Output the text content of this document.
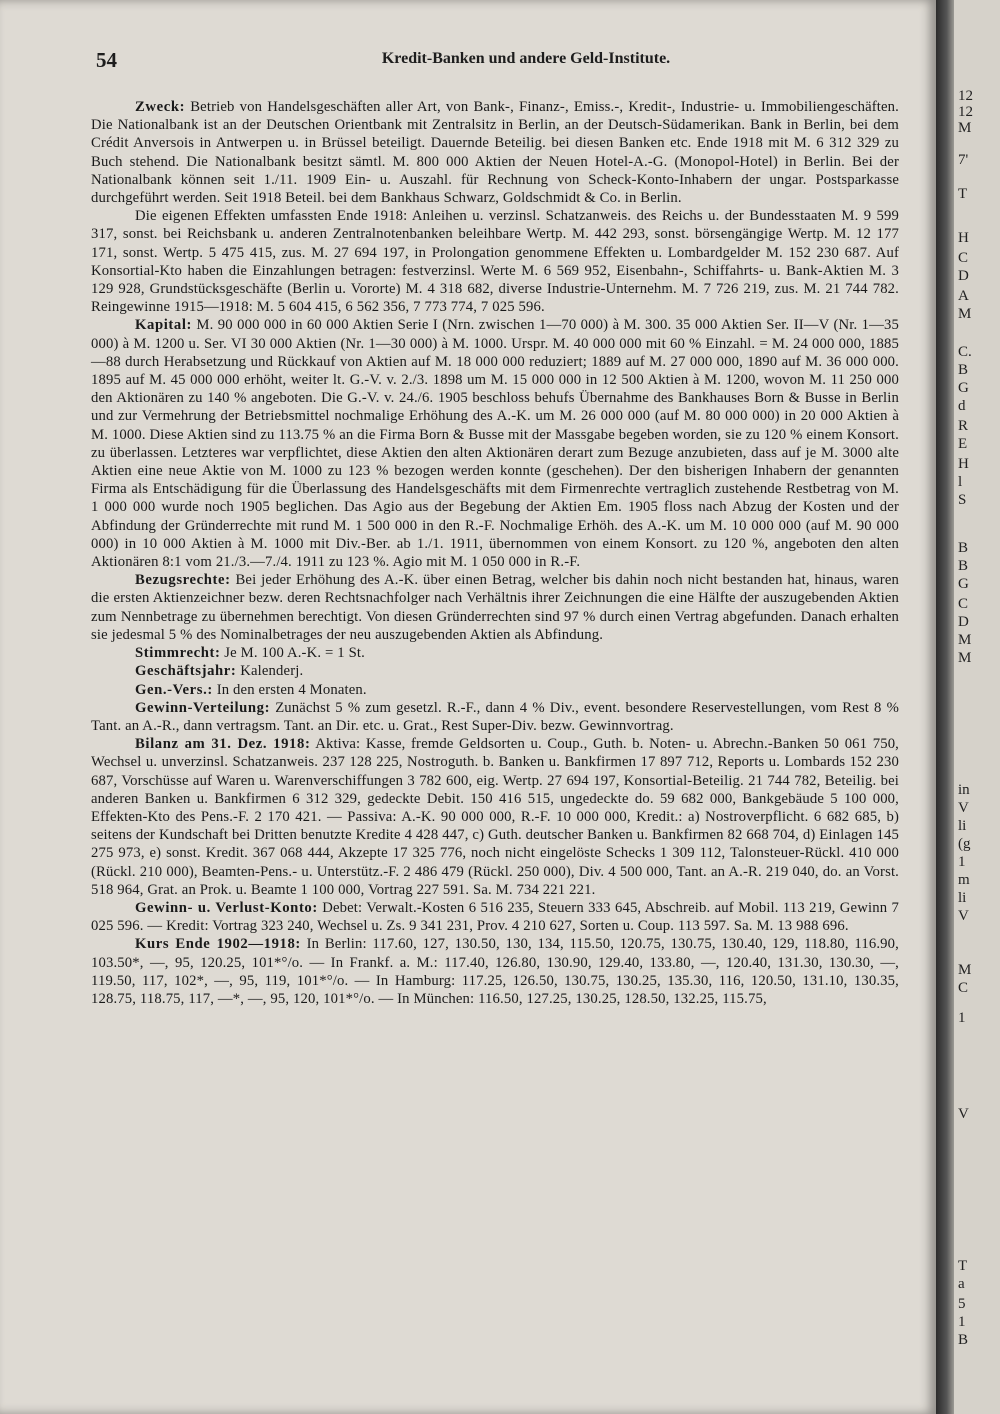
54	Kredit-Banken und andere Geld-Institute.

Zweck: Betrieb von Handelsgeschäften aller Art, von Bank-, Finanz-, Emiss.-, Kredit-, Industrie- u. Immobiliengeschäften. Die Nationalbank ist an der Deutschen Orientbank mit Zentralsitz in Berlin, an der Deutsch-Südamerikan. Bank in Berlin, bei dem Crédit Anversois in Antwerpen u. in Brüssel beteiligt. Dauernde Beteilig. bei diesen Banken etc. Ende 1918 mit M. 6 312 329 zu Buch stehend. Die Nationalbank besitzt sämtl. M. 800 000 Aktien der Neuen Hotel-A.-G. (Monopol-Hotel) in Berlin. Bei der Nationalbank können seit 1./11. 1909 Ein- u. Auszahl. für Rechnung von Scheck-Konto-Inhabern der ungar. Postsparkasse durchgeführt werden. Seit 1918 Beteil. bei dem Bankhaus Schwarz, Goldschmidt & Co. in Berlin.

Die eigenen Effekten umfassten Ende 1918: Anleihen u. verzinsl. Schatzanweis. des Reichs u. der Bundesstaaten M. 9 599 317, sonst. bei Reichsbank u. anderen Zentralnotenbanken beleihbare Wertp. M. 442 293, sonst. börsengängige Wertp. M. 12 177 171, sonst. Wertp. 5 475 415, zus. M. 27 694 197, in Prolongation genommene Effekten u. Lombardgelder M. 152 230 687. Auf Konsortial-Kto haben die Einzahlungen betragen: festverzinsl. Werte M. 6 569 952, Eisenbahn-, Schiffahrts- u. Bank-Aktien M. 3 129 928, Grundstücksgeschäfte (Berlin u. Vororte) M. 4 318 682, diverse Industrie-Unternehm. M. 7 726 219, zus. M. 21 744 782. Reingewinne 1915—1918: M. 5 604 415, 6 562 356, 7 773 774, 7 025 596.

Kapital: M. 90 000 000 in 60 000 Aktien Serie I (Nrn. zwischen 1—70 000) à M. 300. 35 000 Aktien Ser. II—V (Nr. 1—35 000) à M. 1200 u. Ser. VI 30 000 Aktien (Nr. 1—30 000) à M. 1000. Urspr. M. 40 000 000 mit 60 % Einzahl. = M. 24 000 000, 1885—88 durch Herabsetzung und Rückkauf von Aktien auf M. 18 000 000 reduziert; 1889 auf M. 27 000 000, 1890 auf M. 36 000 000. 1895 auf M. 45 000 000 erhöht, weiter lt. G.-V. v. 2./3. 1898 um M. 15 000 000 in 12 500 Aktien à M. 1200, wovon M. 11 250 000 den Aktionären zu 140 % angeboten. Die G.-V. v. 24./6. 1905 beschloss behufs Übernahme des Bankhauses Born & Busse in Berlin und zur Vermehrung der Betriebsmittel nochmalige Erhöhung des A.-K. um M. 26 000 000 (auf M. 80 000 000) in 20 000 Aktien à M. 1000. Diese Aktien sind zu 113.75 % an die Firma Born & Busse mit der Massgabe begeben worden, sie zu 120 % einem Konsort. zu überlassen. Letzteres war verpflichtet, diese Aktien den alten Aktionären derart zum Bezuge anzubieten, dass auf je M. 3000 alte Aktien eine neue Aktie von M. 1000 zu 123 % bezogen werden konnte (geschehen). Der den bisherigen Inhabern der genannten Firma als Entschädigung für die Überlassung des Handelsgeschäfts mit dem Firmenrechte vertraglich zustehende Restbetrag von M. 1 000 000 wurde noch 1905 beglichen. Das Agio aus der Begebung der Aktien Em. 1905 floss nach Abzug der Kosten und der Abfindung der Gründerrechte mit rund M. 1 500 000 in den R.-F. Nochmalige Erhöh. des A.-K. um M. 10 000 000 (auf M. 90 000 000) in 10 000 Aktien à M. 1000 mit Div.-Ber. ab 1./1. 1911, übernommen von einem Konsort. zu 120 %, angeboten den alten Aktionären 8:1 vom 21./3.—7./4. 1911 zu 123 %. Agio mit M. 1 050 000 in R.-F.

Bezugsrechte: Bei jeder Erhöhung des A.-K. über einen Betrag, welcher bis dahin noch nicht bestanden hat, hinaus, waren die ersten Aktienzeichner bezw. deren Rechtsnachfolger nach Verhältnis ihrer Zeichnungen die eine Hälfte der auszugebenden Aktien zum Nennbetrage zu übernehmen berechtigt. Von diesen Gründerrechten sind 97 % durch einen Vertrag abgefunden. Danach erhalten sie jedesmal 5 % des Nominalbetrages der neu auszugebenden Aktien als Abfindung.

Stimmrecht: Je M. 100 A.-K. = 1 St.

Geschäftsjahr: Kalenderj.

Gen.-Vers.: In den ersten 4 Monaten.

Gewinn-Verteilung: Zunächst 5 % zum gesetzl. R.-F., dann 4 % Div., event. besondere Reservestellungen, vom Rest 8 % Tant. an A.-R., dann vertragsm. Tant. an Dir. etc. u. Grat., Rest Super-Div. bezw. Gewinnvortrag.

Bilanz am 31. Dez. 1918: Aktiva: Kasse, fremde Geldsorten u. Coup., Guth. b. Noten- u. Abrechn.-Banken 50 061 750, Wechsel u. unverzinsl. Schatzanweis. 237 128 225, Nostroguth. b. Banken u. Bankfirmen 17 897 712, Reports u. Lombards 152 230 687, Vorschüsse auf Waren u. Warenverschiffungen 3 782 600, eig. Wertp. 27 694 197, Konsortial-Beteilig. 21 744 782, Beteilig. bei anderen Banken u. Bankfirmen 6 312 329, gedeckte Debit. 150 416 515, ungedeckte do. 59 682 000, Bankgebäude 5 100 000, Effekten-Kto des Pens.-F. 2 170 421. — Passiva: A.-K. 90 000 000, R.-F. 10 000 000, Kredit.: a) Nostroverpflicht. 6 682 685, b) seitens der Kundschaft bei Dritten benutzte Kredite 4 428 447, c) Guth. deutscher Banken u. Bankfirmen 82 668 704, d) Einlagen 145 275 973, e) sonst. Kredit. 367 068 444, Akzepte 17 325 776, noch nicht eingelöste Schecks 1 309 112, Talonsteuer-Rückl. 410 000 (Rückl. 210 000), Beamten-Pens.- u. Unterstütz.-F. 2 486 479 (Rückl. 250 000), Div. 4 500 000, Tant. an A.-R. 219 040, do. an Vorst. 518 964, Grat. an Prok. u. Beamte 1 100 000, Vortrag 227 591. Sa. M. 734 221 221.

Gewinn- u. Verlust-Konto: Debet: Verwalt.-Kosten 6 516 235, Steuern 333 645, Abschreib. auf Mobil. 113 219, Gewinn 7 025 596. — Kredit: Vortrag 323 240, Wechsel u. Zs. 9 341 231, Prov. 4 210 627, Sorten u. Coup. 113 597. Sa. M. 13 988 696.

Kurs Ende 1902—1918: In Berlin: 117.60, 127, 130.50, 130, 134, 115.50, 120.75, 130.75, 130.40, 129, 118.80, 116.90, 103.50*, —, 95, 120.25, 101*°/o. — In Frankf. a. M.: 117.40, 126.80, 130.90, 129.40, 133.80, —, 120.40, 131.30, 130.30, —, 119.50, 117, 102*, —, 95, 119, 101*°/o. — In Hamburg: 117.25, 126.50, 130.75, 130.25, 135.30, 116, 120.50, 131.10, 130.35, 128.75, 118.75, 117, —*, —, 95, 120, 101*°/o. — In München: 116.50, 127.25, 130.25, 128.50, 132.25, 115.75,

12
12
M
7'
T
H
C
D
A
M
C.
B
G
d
R
E
H
l
S
B
B
G
C
D
M
M
in
V
li
(g
1
m
li
V
M
C
1
V
T
a
5
1
B
